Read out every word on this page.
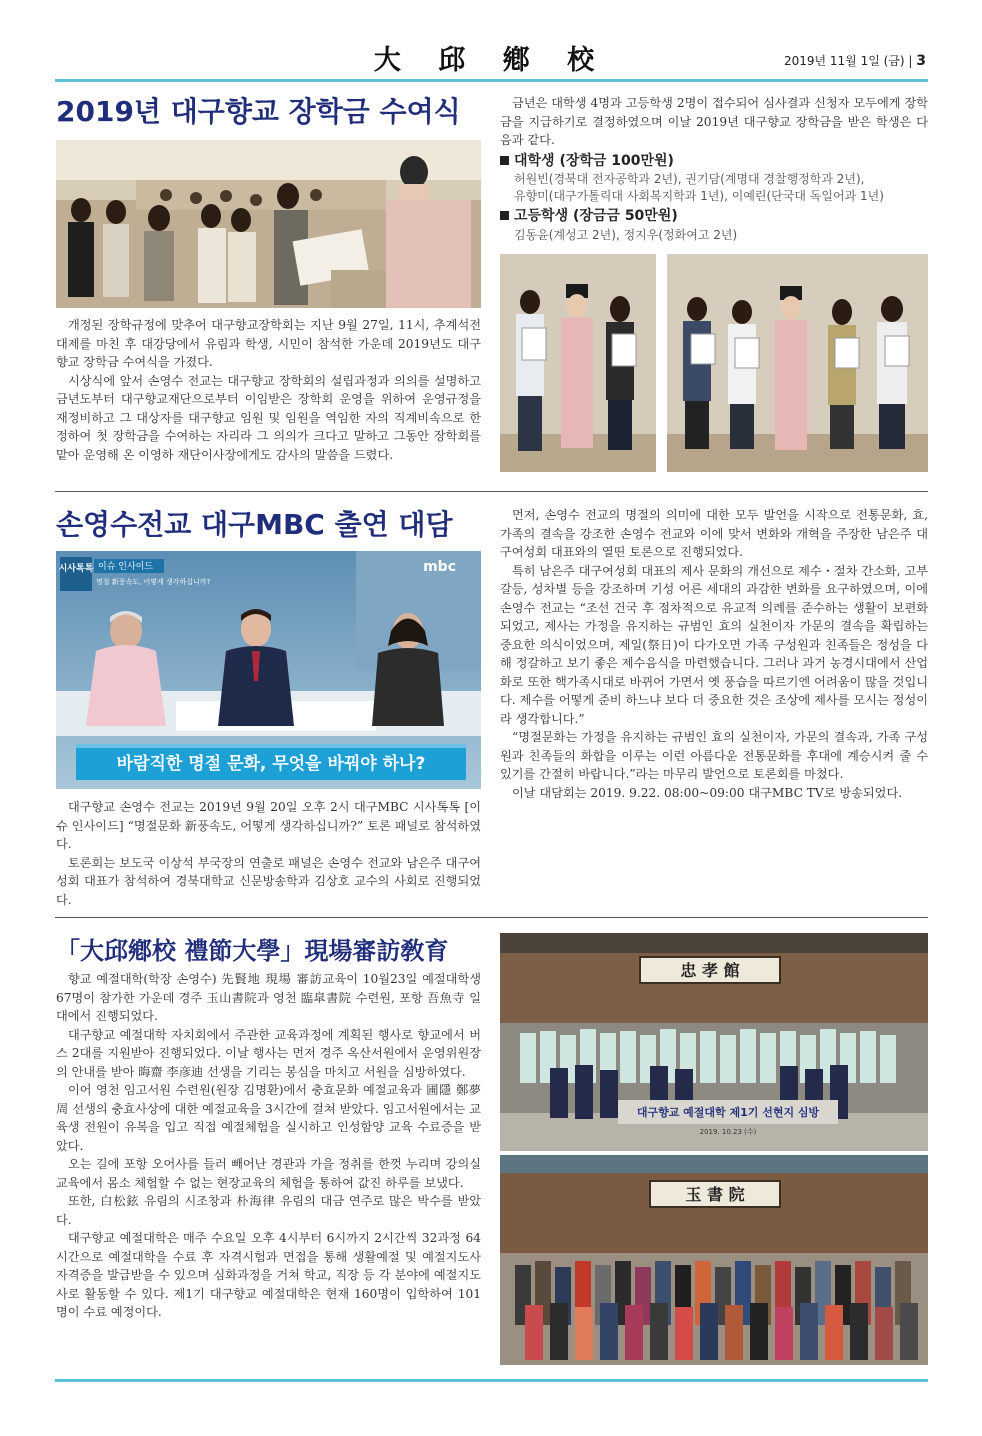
大 邱 鄕 校	2019년 11월 1일 (금) | 3
2019년 대구향교 장학금 수여식

개정된 장학규정에 맞추어 대구향교장학회는 지난 9월 27일, 11시, 추계석전대제를 마친 후 대강당에서 유림과 학생, 시민이 참석한 가운데 2019년도 대구향교 장학금 수여식을 가졌다.

시상식에 앞서 손영수 전교는 대구향교 장학회의 설립과정과 의의를 설명하고 금년도부터 대구향교재단으로부터 이임받은 장학회 운영을 위하여 운영규정을 재정비하고 그 대상자를 대구향교 임원 및 임원을 역임한 자의 직계비속으로 한정하여 첫 장학금을 수여하는 자리라 그 의의가 크다고 말하고 그동안 장학회를 맡아 운영해 온 이영하 재단이사장에게도 감사의 말씀을 드렸다.

금년은 대학생 4명과 고등학생 2명이 접수되어 심사결과 신청자 모두에게 장학금을 지급하기로 결정하였으며 이날 2019년 대구향교 장학금을 받은 학생은 다음과 같다.

대학생 (장학금 100만원)
허원빈(경북대 전자공학과 2년), 권기담(계명대 경찰행정학과 2년),
유향미(대구가톨릭대 사회복지학과 1년), 이예린(단국대 독일어과 1년)
고등학생 (장금금 50만원)
김동윤(계성고 2년), 정지우(정화여고 2년)
손영수전교 대구MBC 출연 대담
시사톡톡 이슈 인사이드
명절 新풍속도, 어떻게 생각하십니까?
mbc
바람직한 명절 문화, 무엇을 바꿔야 하나?

대구향교 손영수 전교는 2019년 9월 20일 오후 2시 대구MBC 시사톡톡 [이슈 인사이드] “명절문화 新풍속도, 어떻게 생각하십니까?” 토론 패널로 참석하였다.

토론회는 보도국 이상석 부국장의 연출로 패널은 손영수 전교와 남은주 대구여성회 대표가 참석하여 경북대학교 신문방송학과 김상호 교수의 사회로 진행되었다.

먼저, 손영수 전교의 명절의 의미에 대한 모두 발언을 시작으로 전통문화, 효, 가족의 결속을 강조한 손영수 전교와 이에 맞서 변화와 개혁을 주장한 남은주 대구여성회 대표와의 열띤 토론으로 진행되었다.

특히 남은주 대구여성회 대표의 제사 문화의 개선으로 제수・절차 간소화, 고부 갈등, 성차별 등을 강조하며 기성 어른 세대의 과감한 변화를 요구하였으며, 이에 손영수 전교는 “조선 건국 후 점차적으로 유교적 의례를 준수하는 생활이 보편화 되었고, 제사는 가정을 유지하는 규범인 효의 실천이자 가문의 결속을 확립하는 중요한 의식이었으며, 제일(祭日)이 다가오면 가족 구성원과 친족들은 정성을 다해 정갈하고 보기 좋은 제수음식을 마련했습니다. 그러나 과거 농경시대에서 산업화로 또한 핵가족시대로 바뀌어 가면서 옛 풍습을 따르기엔 어려움이 많을 것입니다. 제수를 어떻게 준비 하느냐 보다 더 중요한 것은 조상에 제사를 모시는 정성이라 생각합니다.”

“명절문화는 가정을 유지하는 규범인 효의 실천이자, 가문의 결속과, 가족 구성원과 친족들의 화합을 이루는 이런 아름다운 전통문화를 후대에 계승시켜 줄 수 있기를 간절히 바랍니다.”라는 마무리 발언으로 토론회를 마쳤다.

이날 대담회는 2019. 9.22. 08:00~09:00 대구MBC TV로 방송되었다.

「大邱鄕校 禮節大學」現場審訪敎育

향교 예절대학(학장 손영수) 先賢地 現場 審訪교육이 10월23일 예절대학생 67명이 참가한 가운데 경주 玉山書院과 영천 臨皐書院 수련원, 포항 吾魚寺 일대에서 진행되었다.

대구향교 예절대학 자치회에서 주관한 교육과정에 계획된 행사로 향교에서 버스 2대를 지원받아 진행되었다. 이날 행사는 먼저 경주 옥산서원에서 운영위원장의 안내를 받아 晦齋 李彦迪 선생을 기리는 봉심을 마치고 서원을 심방하였다.

이어 영천 임고서원 수련원(원장 김명환)에서 충효문화 예절교육과 圃隱 鄭夢周 선생의 충효사상에 대한 예절교육을 3시간에 걸쳐 받았다. 임고서원에서는 교육생 전원이 유복을 입고 직접 예절체험을 실시하고 인성함양 교육 수료증을 받았다.

오는 길에 포항 오어사를 들러 빼어난 경관과 가을 정취를 한껏 누리며 강의실 교육에서 몸소 체험할 수 없는 현장교육의 체험을 통하여 값진 하루를 보냈다.

또한, 白松鉉 유림의 시조창과 朴海律 유림의 대금 연주로 많은 박수를 받았다.

대구향교 예절대학은 매주 수요일 오후 4시부터 6시까지 2시간씩 32과정 64시간으로 예절대학을 수료 후 자격시험과 면접을 통해 생활예절 및 예절지도사 자격증을 발급받을 수 있으며 심화과정을 거쳐 학교, 직장 등 각 분야에 예절지도사로 활동할 수 있다. 제1기 대구향교 예절대학은 현재 160명이 입학하여 101명이 수료 예정이다.

忠 孝 館
대구향교 예절대학 제1기 선현지 심방
2019. 10.23 (수)
玉 書 院
